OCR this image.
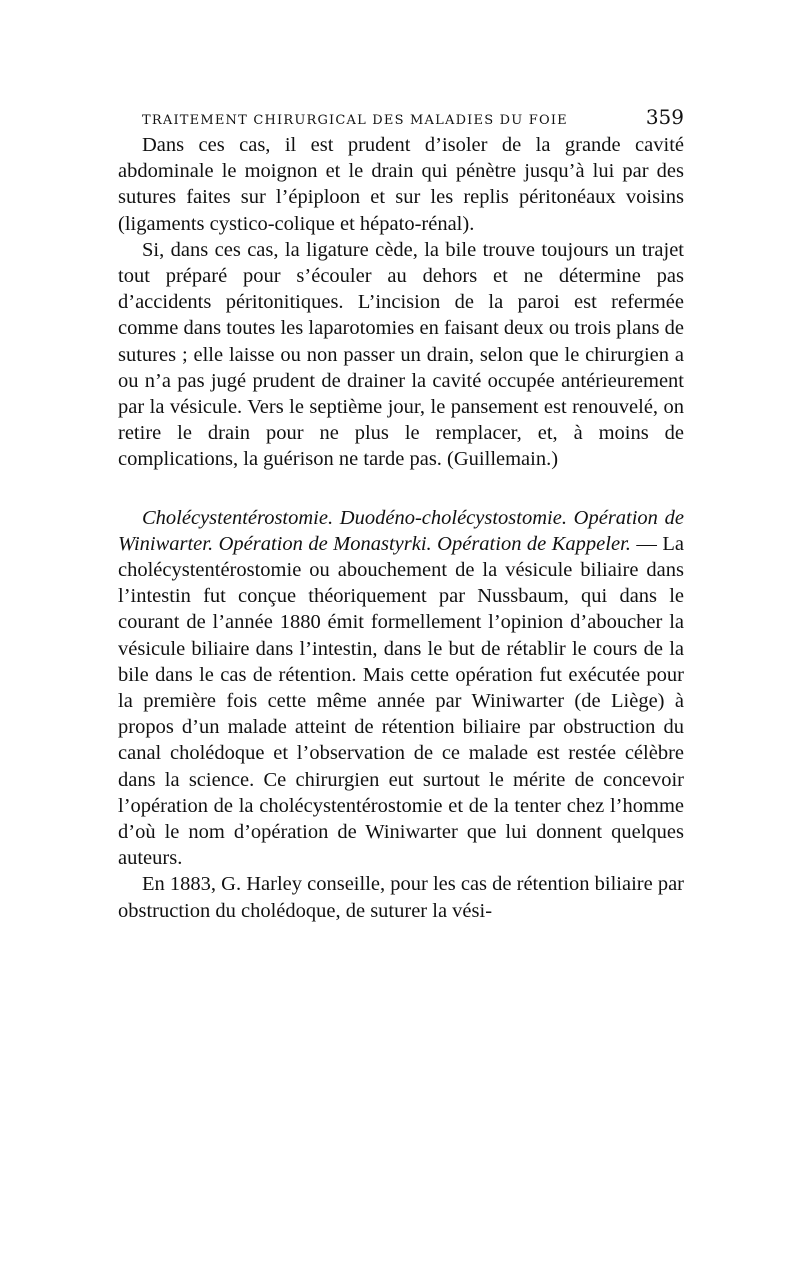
TRAITEMENT CHIRURGICAL DES MALADIES DU FOIE	359

Dans ces cas, il est prudent d’isoler de la grande cavité abdominale le moignon et le drain qui pénètre jusqu’à lui par des sutures faites sur l’épiploon et sur les replis péritonéaux voisins (ligaments cystico-colique et hépato-rénal).

Si, dans ces cas, la ligature cède, la bile trouve toujours un trajet tout préparé pour s’écouler au dehors et ne détermine pas d’accidents péritonitiques. L’incision de la paroi est refermée comme dans toutes les laparotomies en faisant deux ou trois plans de sutures ; elle laisse ou non passer un drain, selon que le chirurgien a ou n’a pas jugé prudent de drainer la cavité occupée antérieurement par la vésicule. Vers le septième jour, le pansement est renouvelé, on retire le drain pour ne plus le remplacer, et, à moins de complications, la guérison ne tarde pas. (Guillemain.)

Cholécystentérostomie. Duodéno-cholécystostomie. Opération de Winiwarter. Opération de Monastyrki. Opération de Kappeler. — La cholécystentérostomie ou abouchement de la vésicule biliaire dans l’intestin fut conçue théoriquement par Nussbaum, qui dans le courant de l’année 1880 émit formellement l’opinion d’aboucher la vésicule biliaire dans l’intestin, dans le but de rétablir le cours de la bile dans le cas de rétention. Mais cette opération fut exécutée pour la première fois cette même année par Winiwarter (de Liège) à propos d’un malade atteint de rétention biliaire par obstruction du canal cholédoque et l’observation de ce malade est restée célèbre dans la science. Ce chirurgien eut surtout le mérite de concevoir l’opération de la cholécystentérostomie et de la tenter chez l’homme d’où le nom d’opération de Winiwarter que lui donnent quelques auteurs.

En 1883, G. Harley conseille, pour les cas de rétention biliaire par obstruction du cholédoque, de suturer la vési-
